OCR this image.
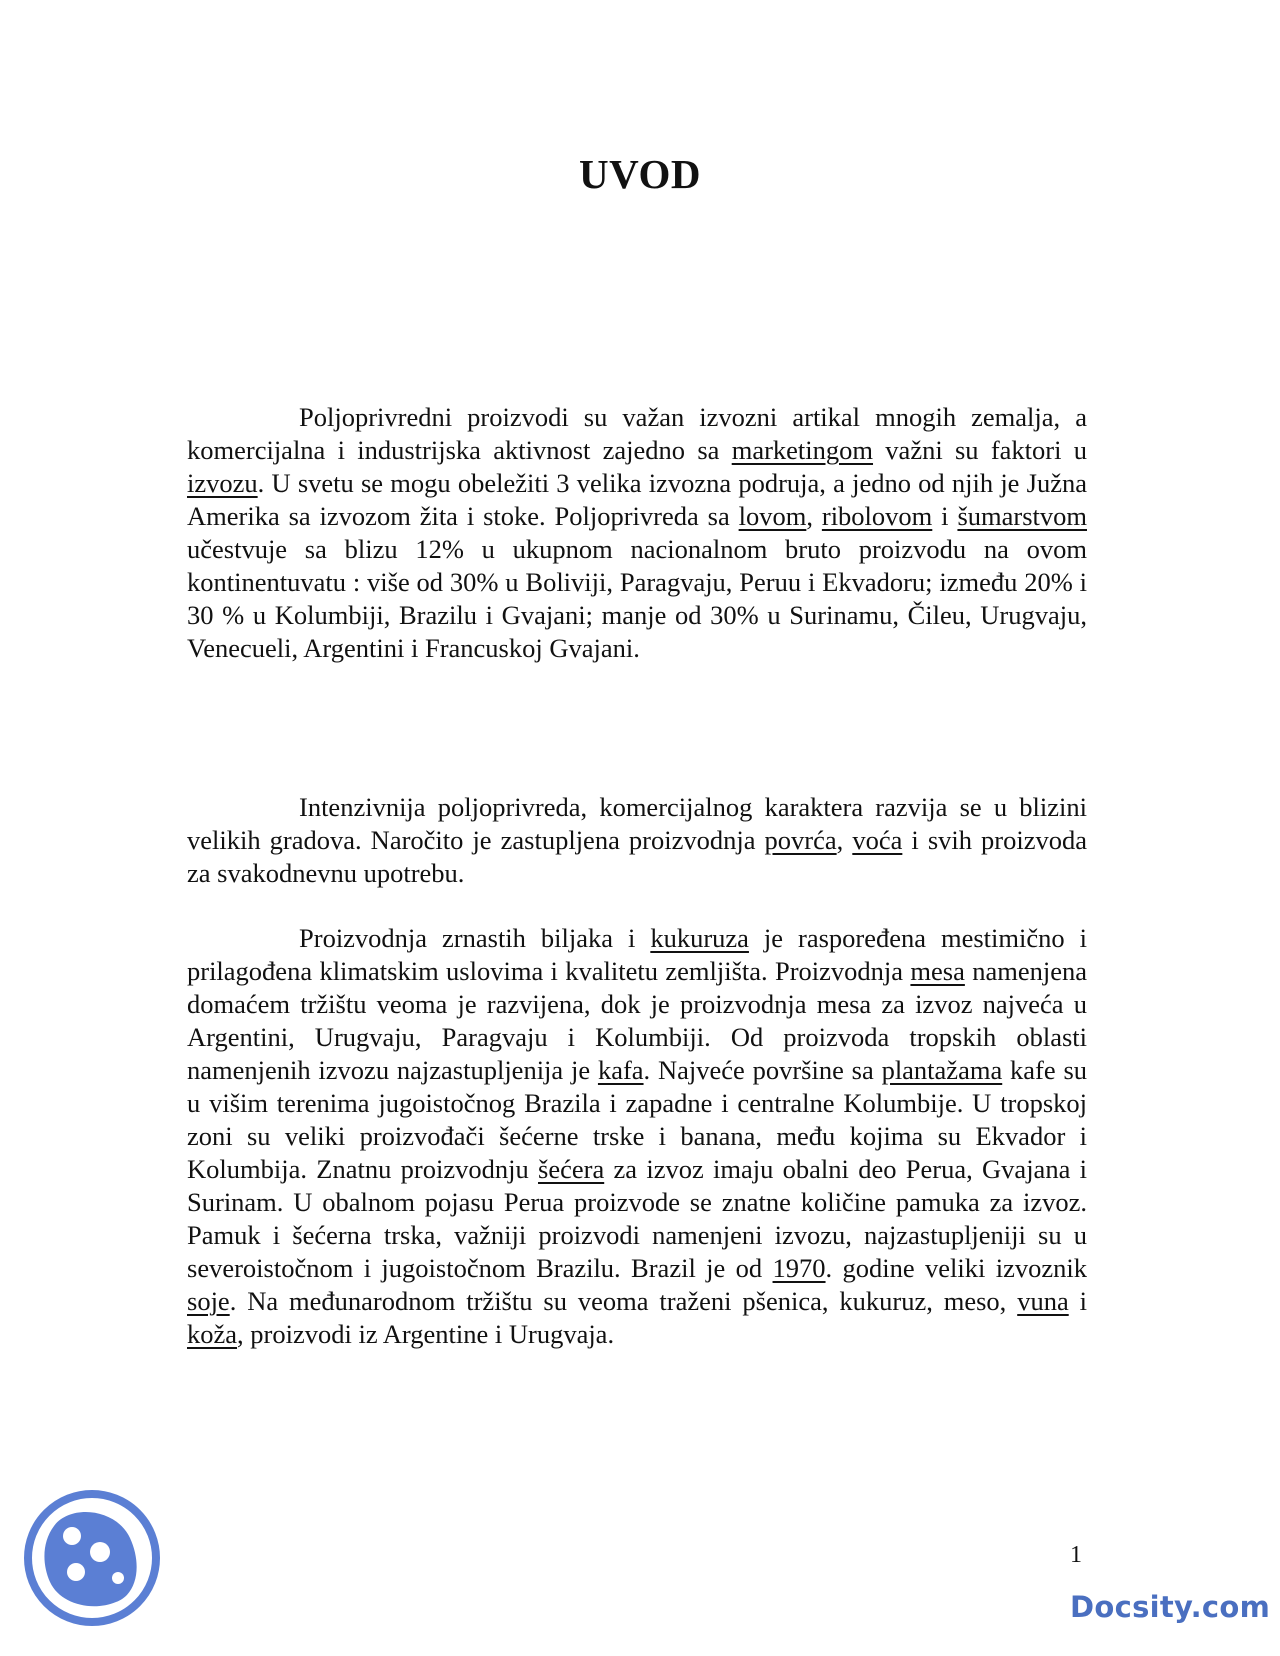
UVOD

Poljoprivredni proizvodi su važan izvozni artikal mnogih zemalja, a komercijalna i industrijska aktivnost zajedno sa marketingom važni su faktori u izvozu. U svetu se mogu obeležiti 3 velika izvozna podruja, a jedno od njih je Južna Amerika sa izvozom žita i stoke. Poljoprivreda sa lovom, ribolovom i šumarstvom učestvuje sa blizu 12% u ukupnom nacionalnom bruto proizvodu na ovom kontinentuvatu : više od 30% u Boliviji, Paragvaju, Peruu i Ekvadoru; između 20% i 30 % u Kolumbiji, Brazilu i Gvajani; manje od 30% u Surinamu, Čileu, Urugvaju, Venecueli, Argentini i Francuskoj Gvajani.

Intenzivnija poljoprivreda, komercijalnog karaktera razvija se u blizini velikih gradova. Naročito je zastupljena proizvodnja povrća, voća i svih proizvoda za svakodnevnu upotrebu.

Proizvodnja zrnastih biljaka i kukuruza je raspoređena mestimično i prilagođena klimatskim uslovima i kvalitetu zemljišta. Proizvodnja mesa namenjena domaćem tržištu veoma je razvijena, dok je proizvodnja mesa za izvoz najveća u Argentini, Urugvaju, Paragvaju i Kolumbiji. Od proizvoda tropskih oblasti namenjenih izvozu najzastupljenija je kafa. Najveće površine sa plantažama kafe su u višim terenima jugoistočnog Brazila i zapadne i centralne Kolumbije. U tropskoj zoni su veliki proizvođači šećerne trske i banana, među kojima su Ekvador i Kolumbija. Znatnu proizvodnju šećera za izvoz imaju obalni deo Perua, Gvajana i Surinam. U obalnom pojasu Perua proizvode se znatne količine pamuka za izvoz. Pamuk i šećerna trska, važniji proizvodi namenjeni izvozu, najzastupljeniji su u severoistočnom i jugoistočnom Brazilu. Brazil je od 1970. godine veliki izvoznik soje. Na međunarodnom tržištu su veoma traženi pšenica, kukuruz, meso, vuna i koža, proizvodi iz Argentine i Urugvaja.

1
Docsity.com
